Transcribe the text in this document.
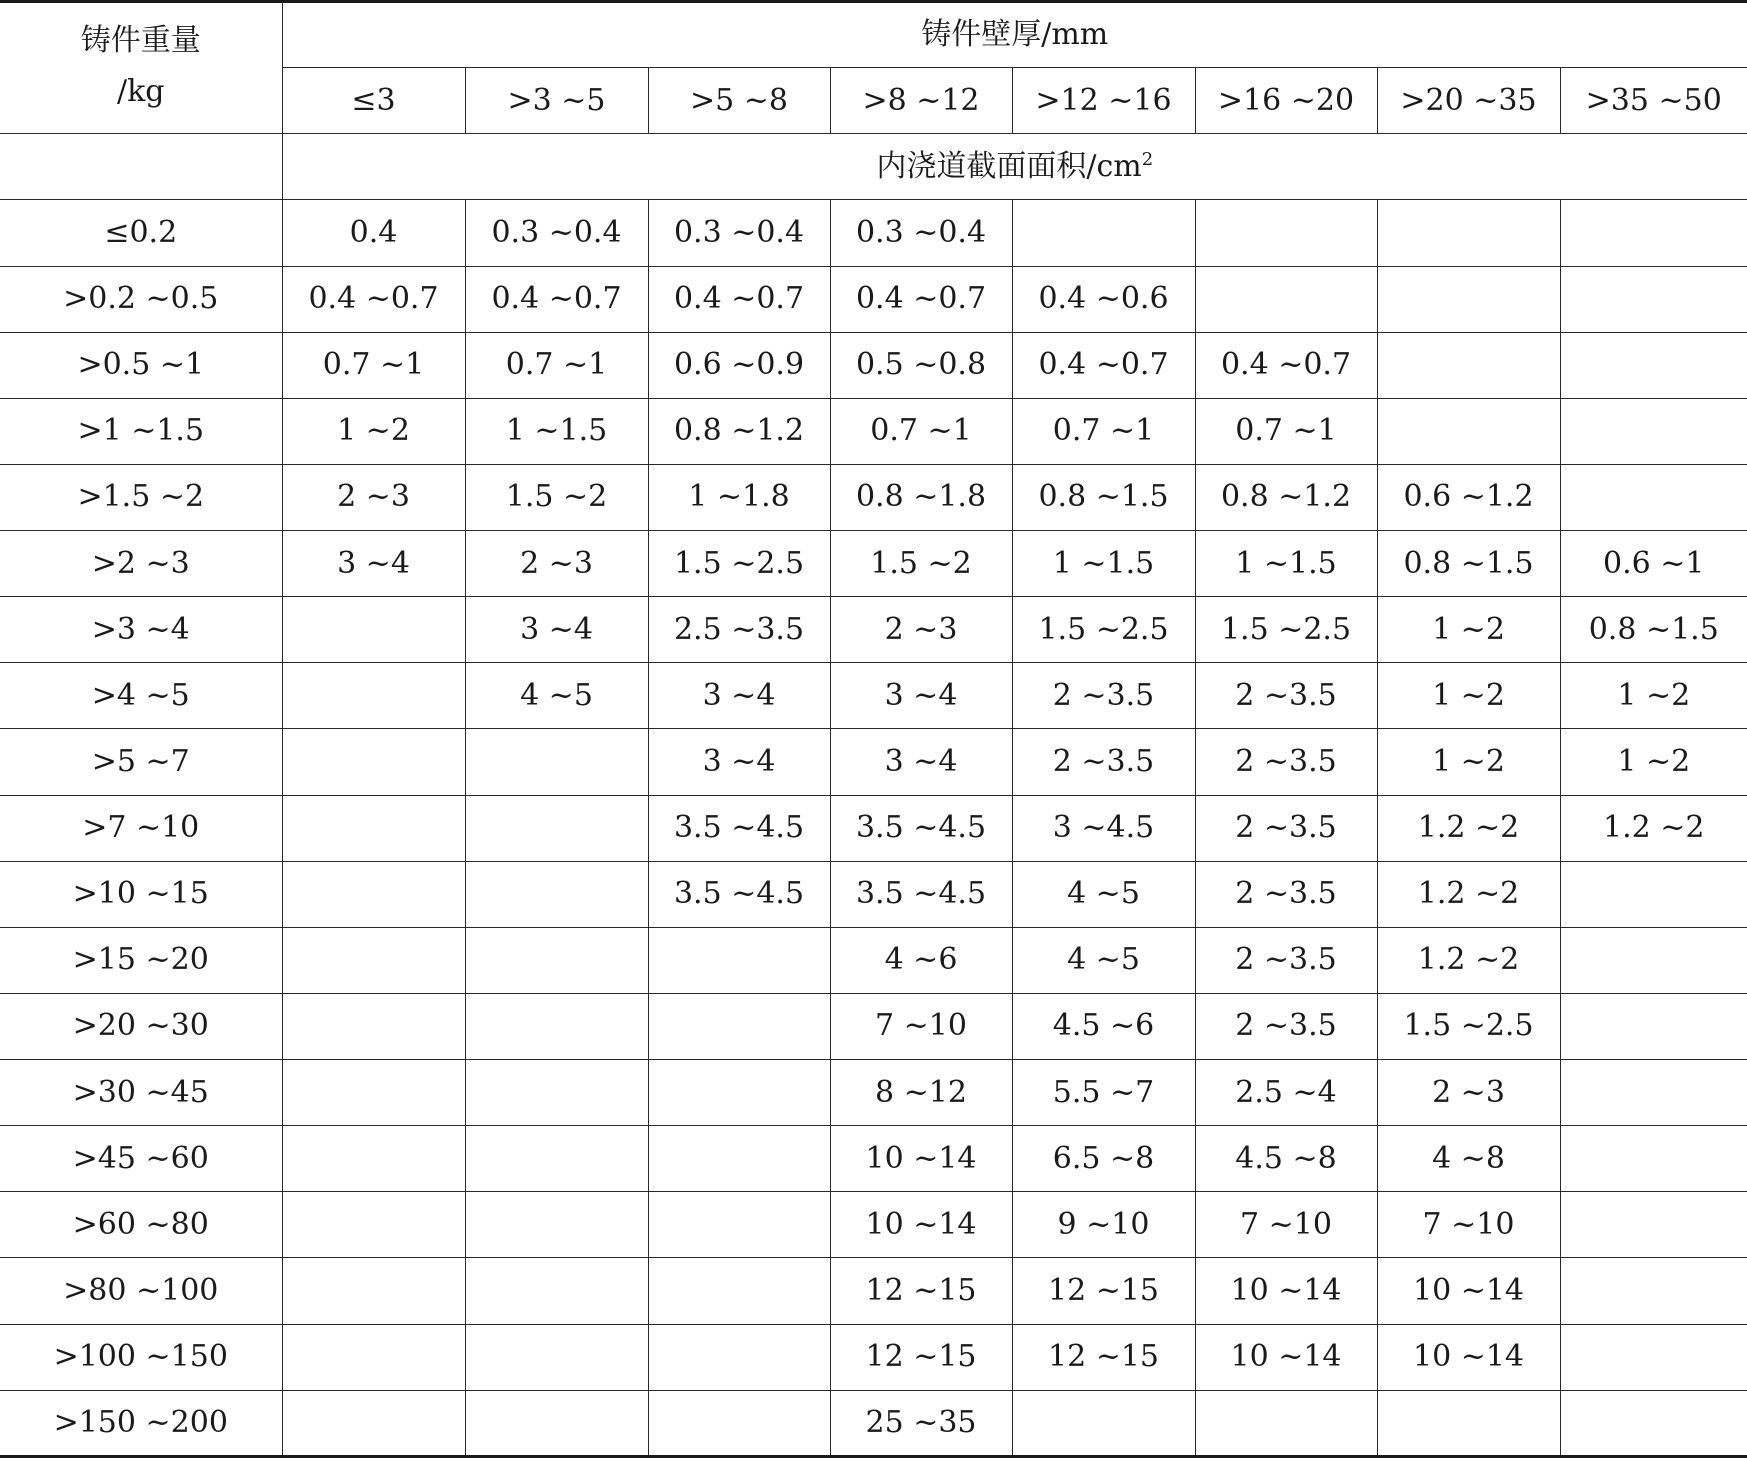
铸件重量
/kg	铸件壁厚/mm							
	≤3	>3 ~5	>5 ~8	>8 ~12	>12 ~16	>16 ~20	>20 ~35	>35 ~50
	内浇道截面面积$/cm^2$
≤0.2	0.4	0.3 ~0.4	0.3 ~0.4	0.3 ~0.4				
>0.2 ~0.5	0.4 ~0.7	0.4 ~0.7	0.4 ~0.7	0.4 ~0.7	0.4 ~0.6			
>0.5 ~1	0.7 ~1	0.7 ~1	0.6 ~0.9	0.5 ~0.8	0.4 ~0.7	0.4 ~0.7		
>1 ~1.5	1 ~2	1 ~1.5	0.8 ~1.2	0.7 ~1	0.7 ~1	0.7 ~1		
>1.5 ~2	2 ~3	1.5 ~2	1 ~1.8	0.8 ~1.8	0.8 ~1.5	0.8 ~1.2	0.6 ~1.2	
>2 ~3	3 ~4	2 ~3	1.5 ~2.5	1.5 ~2	1 ~1.5	1 ~1.5	0.8 ~1.5	0.6 ~1
>3 ~4		3 ~4	2.5 ~3.5	2 ~3	1.5 ~2.5	1.5 ~2.5	1 ~2	0.8 ~1.5
>4 ~5		4 ~5	3 ~4	3 ~4	2 ~3.5	2 ~3.5	1 ~2	1 ~2
>5 ~7			3 ~4	3 ~4	2 ~3.5	2 ~3.5	1 ~2	1 ~2
>7 ~10			3.5 ~4.5	3.5 ~4.5	3 ~4.5	2 ~3.5	1.2 ~2	1.2 ~2
>10 ~15			3.5 ~4.5	3.5 ~4.5	4 ~5	2 ~3.5	1.2 ~2	
>15 ~20				4 ~6	4 ~5	2 ~3.5	1.2 ~2	
>20 ~30				7 ~10	4.5 ~6	2 ~3.5	1.5 ~2.5	
>30 ~45				8 ~12	5.5 ~7	2.5 ~4	2 ~3	
>45 ~60				10 ~14	6.5 ~8	4.5 ~8	4 ~8	
>60 ~80				10 ~14	9 ~10	7 ~10	7 ~10	
>80 ~100				12 ~15	12 ~15	10 ~14	10 ~14	
>100 ~150				12 ~15	12 ~15	10 ~14	10 ~14	
>150 ~200				25 ~35				
